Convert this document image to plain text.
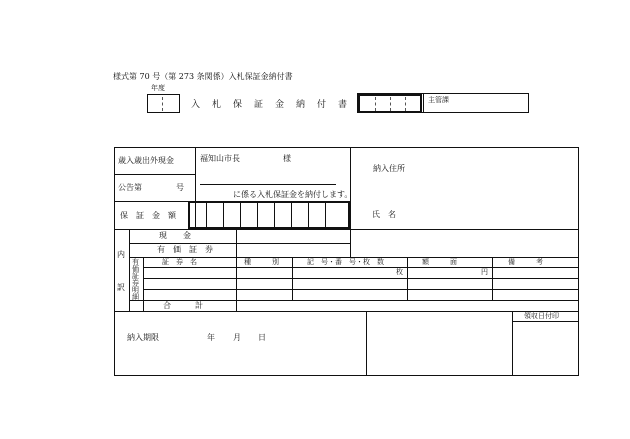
様式第 70 号（第 273 条関係）入札保証金納付書
年度
入 札 保 証 金 納 付 書	主管課
歳入歳出外現金
公告第	号
福知山市長	様
に係る入札保証金を納付します。
保　証　金　額
納入住所
氏　名
内
訳
現　　金
有　価　証　券
有
価
証
券
明
細
証　券　名	種　　　別	記　号・番　号・枚　数	額　　　面	備　　　考
枚	円
合　　　計
領収日付印
納入期限	年 月 日
